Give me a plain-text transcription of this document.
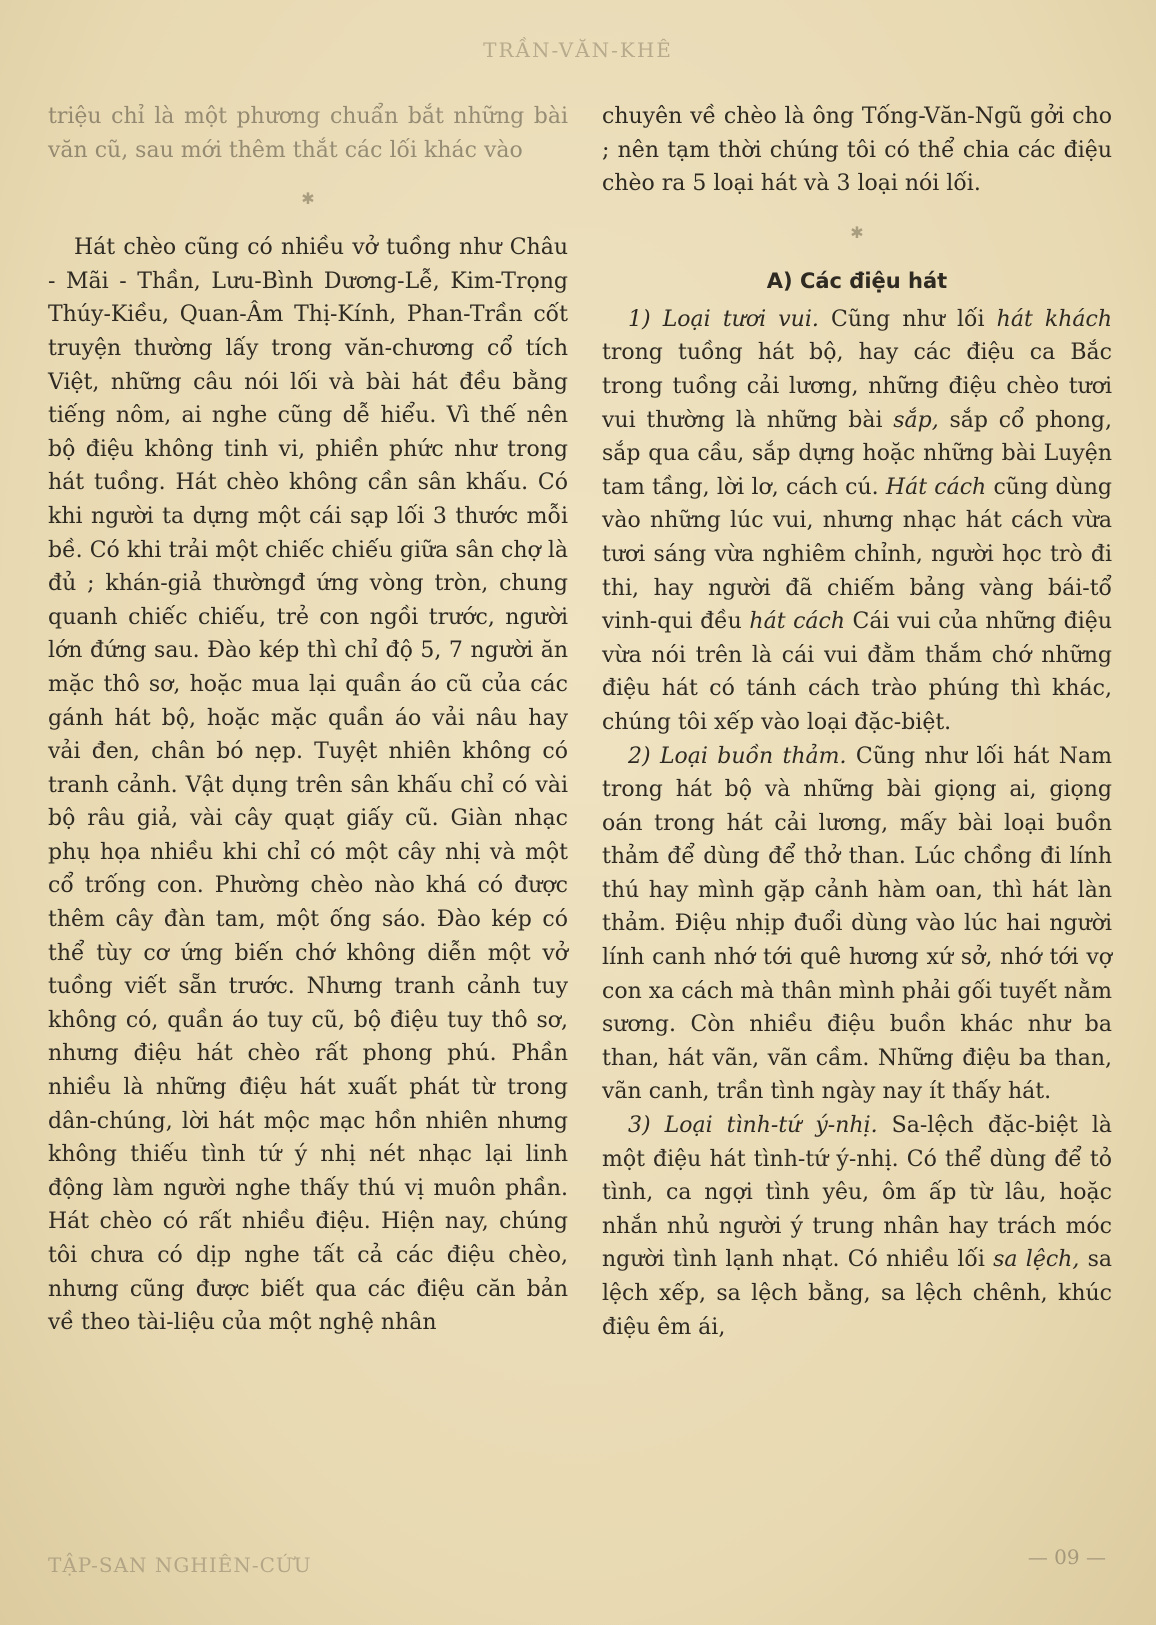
TRẦN-VĂN-KHÊ

triệu chỉ là một phương chuẩn bắt những bài văn cũ, sau mới thêm thắt các lối khác vào

✱

Hát chèo cũng có nhiều vở tuồng như Châu - Mãi - Thần, Lưu-Bình Dương-Lễ, Kim-Trọng Thúy-Kiều, Quan-Âm Thị-Kính, Phan-Trần cốt truyện thường lấy trong văn-chương cổ tích Việt, những câu nói lối và bài hát đều bằng tiếng nôm, ai nghe cũng dễ hiểu. Vì thế nên bộ điệu không tinh vi, phiền phức như trong hát tuồng. Hát chèo không cần sân khấu. Có khi người ta dựng một cái sạp lối 3 thước mỗi bề. Có khi trải một chiếc chiếu giữa sân chợ là đủ ; khán-giả thườngđ ứng vòng tròn, chung quanh chiếc chiếu, trẻ con ngồi trước, người lớn đứng sau. Đào kép thì chỉ độ 5, 7 người ăn mặc thô sơ, hoặc mua lại quần áo cũ của các gánh hát bộ, hoặc mặc quần áo vải nâu hay vải đen, chân bó nẹp. Tuyệt nhiên không có tranh cảnh. Vật dụng trên sân khấu chỉ có vài bộ râu giả, vài cây quạt giấy cũ. Giàn nhạc phụ họa nhiều khi chỉ có một cây nhị và một cổ trống con. Phường chèo nào khá có được thêm cây đàn tam, một ống sáo. Đào kép có thể tùy cơ ứng biến chớ không diễn một vở tuồng viết sẵn trước. Nhưng tranh cảnh tuy không có, quần áo tuy cũ, bộ điệu tuy thô sơ, nhưng điệu hát chèo rất phong phú. Phần nhiều là những điệu hát xuất phát từ trong dân-chúng, lời hát mộc mạc hồn nhiên nhưng không thiếu tình tứ ý nhị nét nhạc lại linh động làm người nghe thấy thú vị muôn phần. Hát chèo có rất nhiều điệu. Hiện nay, chúng tôi chưa có dịp nghe tất cả các điệu chèo, nhưng cũng được biết qua các điệu căn bản về theo tài-liệu của một nghệ nhân

chuyên về chèo là ông Tống-Văn-Ngũ gởi cho ; nên tạm thời chúng tôi có thể chia các điệu chèo ra 5 loại hát và 3 loại nói lối.

✱
A) Các điệu hát

1) Loại tươi vui. Cũng như lối hát khách trong tuồng hát bộ, hay các điệu ca Bắc trong tuồng cải lương, những điệu chèo tươi vui thường là những bài sắp, sắp cổ phong, sắp qua cầu, sắp dựng hoặc những bài Luyện tam tầng, lời lơ, cách cú. Hát cách cũng dùng vào những lúc vui, nhưng nhạc hát cách vừa tươi sáng vừa nghiêm chỉnh, người học trò đi thi, hay người đã chiếm bảng vàng bái-tổ vinh-qui đều hát cách Cái vui của những điệu vừa nói trên là cái vui đằm thắm chớ những điệu hát có tánh cách trào phúng thì khác, chúng tôi xếp vào loại đặc-biệt.

2) Loại buồn thảm. Cũng như lối hát Nam trong hát bộ và những bài giọng ai, giọng oán trong hát cải lương, mấy bài loại buồn thảm để dùng để thở than. Lúc chồng đi lính thú hay mình gặp cảnh hàm oan, thì hát làn thảm. Điệu nhịp đuổi dùng vào lúc hai người lính canh nhớ tới quê hương xứ sở, nhớ tới vợ con xa cách mà thân mình phải gối tuyết nằm sương. Còn nhiều điệu buồn khác như ba than, hát vãn, vãn cầm. Những điệu ba than, vãn canh, trần tình ngày nay ít thấy hát.

3) Loại tình-tứ ý-nhị. Sa-lệch đặc-biệt là một điệu hát tình-tứ ý-nhị. Có thể dùng để tỏ tình, ca ngợi tình yêu, ôm ấp từ lâu, hoặc nhắn nhủ người ý trung nhân hay trách móc người tình lạnh nhạt. Có nhiều lối sa lệch, sa lệch xếp, sa lệch bằng, sa lệch chênh, khúc điệu êm ái,

TẬP-SAN NGHIÊN-CỨU	— 09 —
